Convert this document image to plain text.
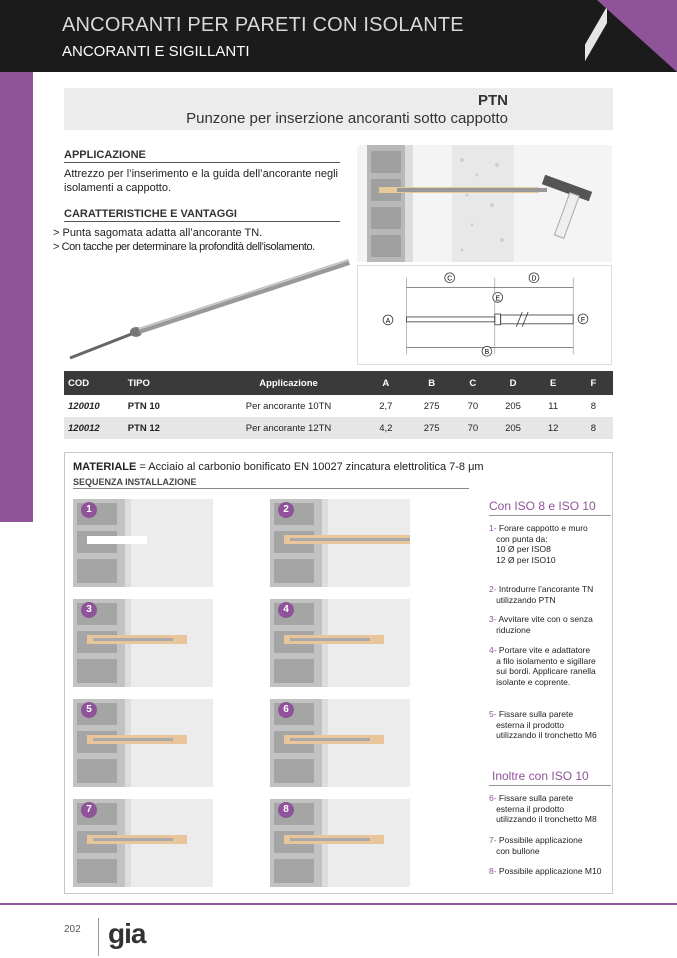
ANCORANTI PER PARETI CON ISOLANTE
ANCORANTI E SIGILLANTI
PTN
Punzone per inserzione ancoranti sotto cappotto
APPLICAZIONE
Attrezzo per l’inserimento e la guida dell’ancorante negli isolamenti a cappotto.
CARATTERISTICHE E VANTAGGI
> Punta sagomata adatta all’ancorante TN.
> Con tacche per determinare la profondità dell’isolamento.
C	D
E
A	F
B
COD	TIPO	Applicazione	A	B	C	D	E	F
120010	PTN 10	Per ancorante 10TN	2,7	275	70	205	11	8
120012	PTN 12	Per ancorante 12TN	4,2	275	70	205	12	8
MATERIALE = Acciaio al carbonio bonificato EN 10027 zincatura elettrolitica 7-8 μm
SEQUENZA INSTALLAZIONE
1	2
3	4
5	6
7	8
Con ISO 8 e ISO 10
Inoltre con ISO 10
1- Forare cappotto e muro
con punta da:
10 Ø per ISO8
12 Ø per ISO10
2- Introdurre l’ancorante TN
utilizzando PTN
3- Avvitare vite con o senza
riduzione
4- Portare vite e adattatore
a filo isolamento e sigillare
sui bordi. Applicare ranella
isolante e coprente.
5- Fissare sulla parete
esterna il prodotto
utilizzando il tronchetto M6
6- Fissare sulla parete
esterna il prodotto
utilizzando il tronchetto M8
7- Possibile applicazione
con bullone
8- Possibile applicazione M10
202 gia
